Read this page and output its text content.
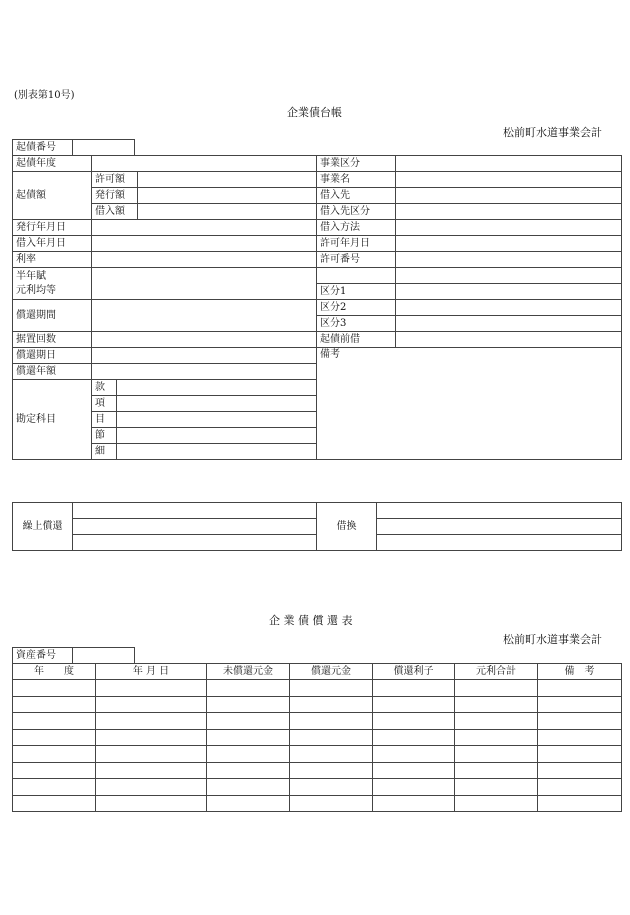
(別表第10号)
企業債台帳
松前町水道事業会計
起債番号	
起債年度				事業区分	
起債額	許可額			事業名	
	発行額			借入先	
	借入額			借入先区分	
発行年月日				借入方法	
借入年月日				許可年月日	
利率				許可番号	

半年賦
元利均等					

				区分1	
償還期間				区分2	
				区分3	
据置回数				起債前借	
償還期日				備考	

償還年額					
勘定科目	款				
	項				
	目				
	節				
	細				
繰上償還		借換	

企 業 債 償 還 表
松前町水道事業会計
資産番号	
年　　度	年 月 日	未償還元金	償還元金	償還利子	元利合計	備　考
